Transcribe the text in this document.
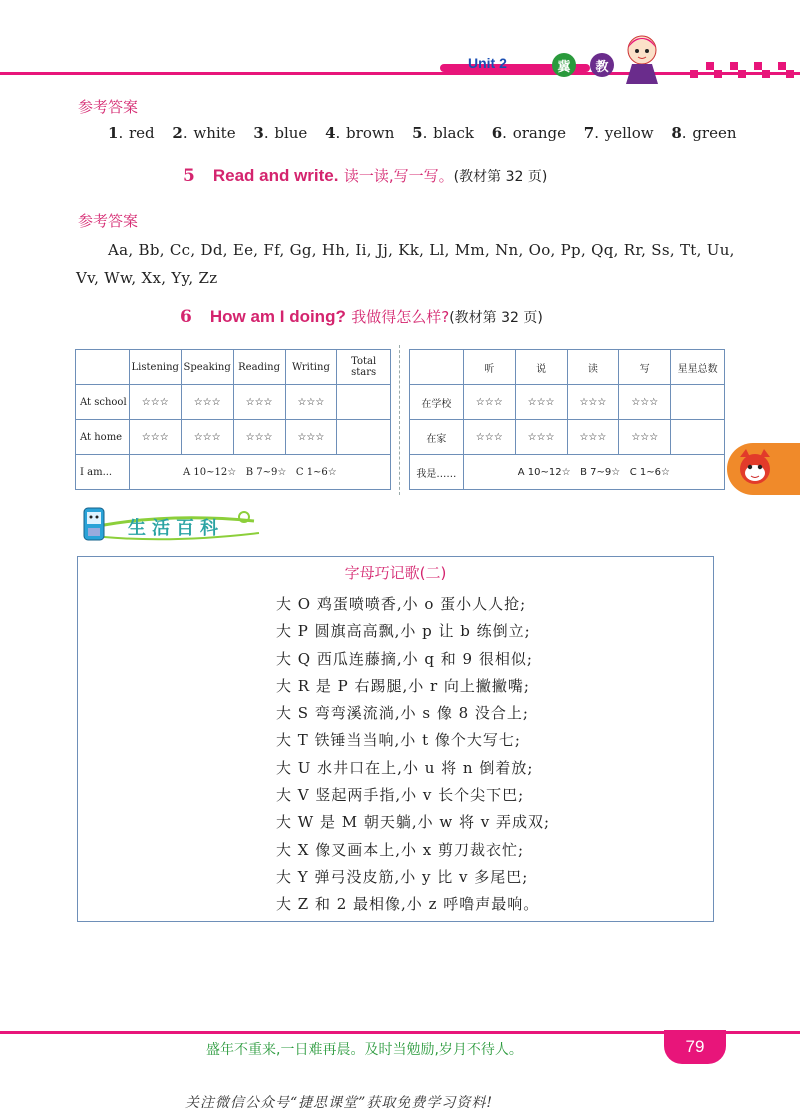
Unit 2	冀	教
参考答案
1. red 2. white 3. blue 4. brown 5. black 6. orange 7. yellow 8. green
5 Read and write. 读一读,写一写。(教材第 32 页)
参考答案
Aa, Bb, Cc, Dd, Ee, Ff, Gg, Hh, Ii, Jj, Kk, Ll, Mm, Nn, Oo, Pp, Qq, Rr, Ss, Tt, Uu, Vv, Ww, Xx, Yy, Zz
6 How am I doing? 我做得怎么样?(教材第 32 页)
	Listening	Speaking	Reading	Writing	Total stars
At school	☆☆☆	☆☆☆	☆☆☆	☆☆☆	
At home	☆☆☆	☆☆☆	☆☆☆	☆☆☆	
I am...	A 10~12☆   B 7~9☆   C 1~6☆				
	听	说	读	写	星星总数
在学校	☆☆☆	☆☆☆	☆☆☆	☆☆☆	
在家	☆☆☆	☆☆☆	☆☆☆	☆☆☆	
我是……	A 10~12☆   B 7~9☆   C 1~6☆				
生活百科
字母巧记歌(二)
大 O 鸡蛋喷喷香,小 o 蛋小人人抢;
大 P 圆旗高高飘,小 p 让 b 练倒立;
大 Q 西瓜连藤摘,小 q 和 9 很相似;
大 R 是 P 右踢腿,小 r 向上撇撇嘴;
大 S 弯弯溪流淌,小 s 像 8 没合上;
大 T 铁锤当当响,小 t 像个大写七;
大 U 水井口在上,小 u 将 n 倒着放;
大 V 竖起两手指,小 v 长个尖下巴;
大 W 是 M 朝天躺,小 w 将 v 弄成双;
大 X 像叉画本上,小 x 剪刀裁衣忙;
大 Y 弹弓没皮筋,小 y 比 v 多尾巴;
大 Z 和 2 最相像,小 z 呼噜声最响。
盛年不重来,一日难再晨。及时当勉励,岁月不待人。	79
关注微信公众号“捷思课堂”获取免费学习资料!
